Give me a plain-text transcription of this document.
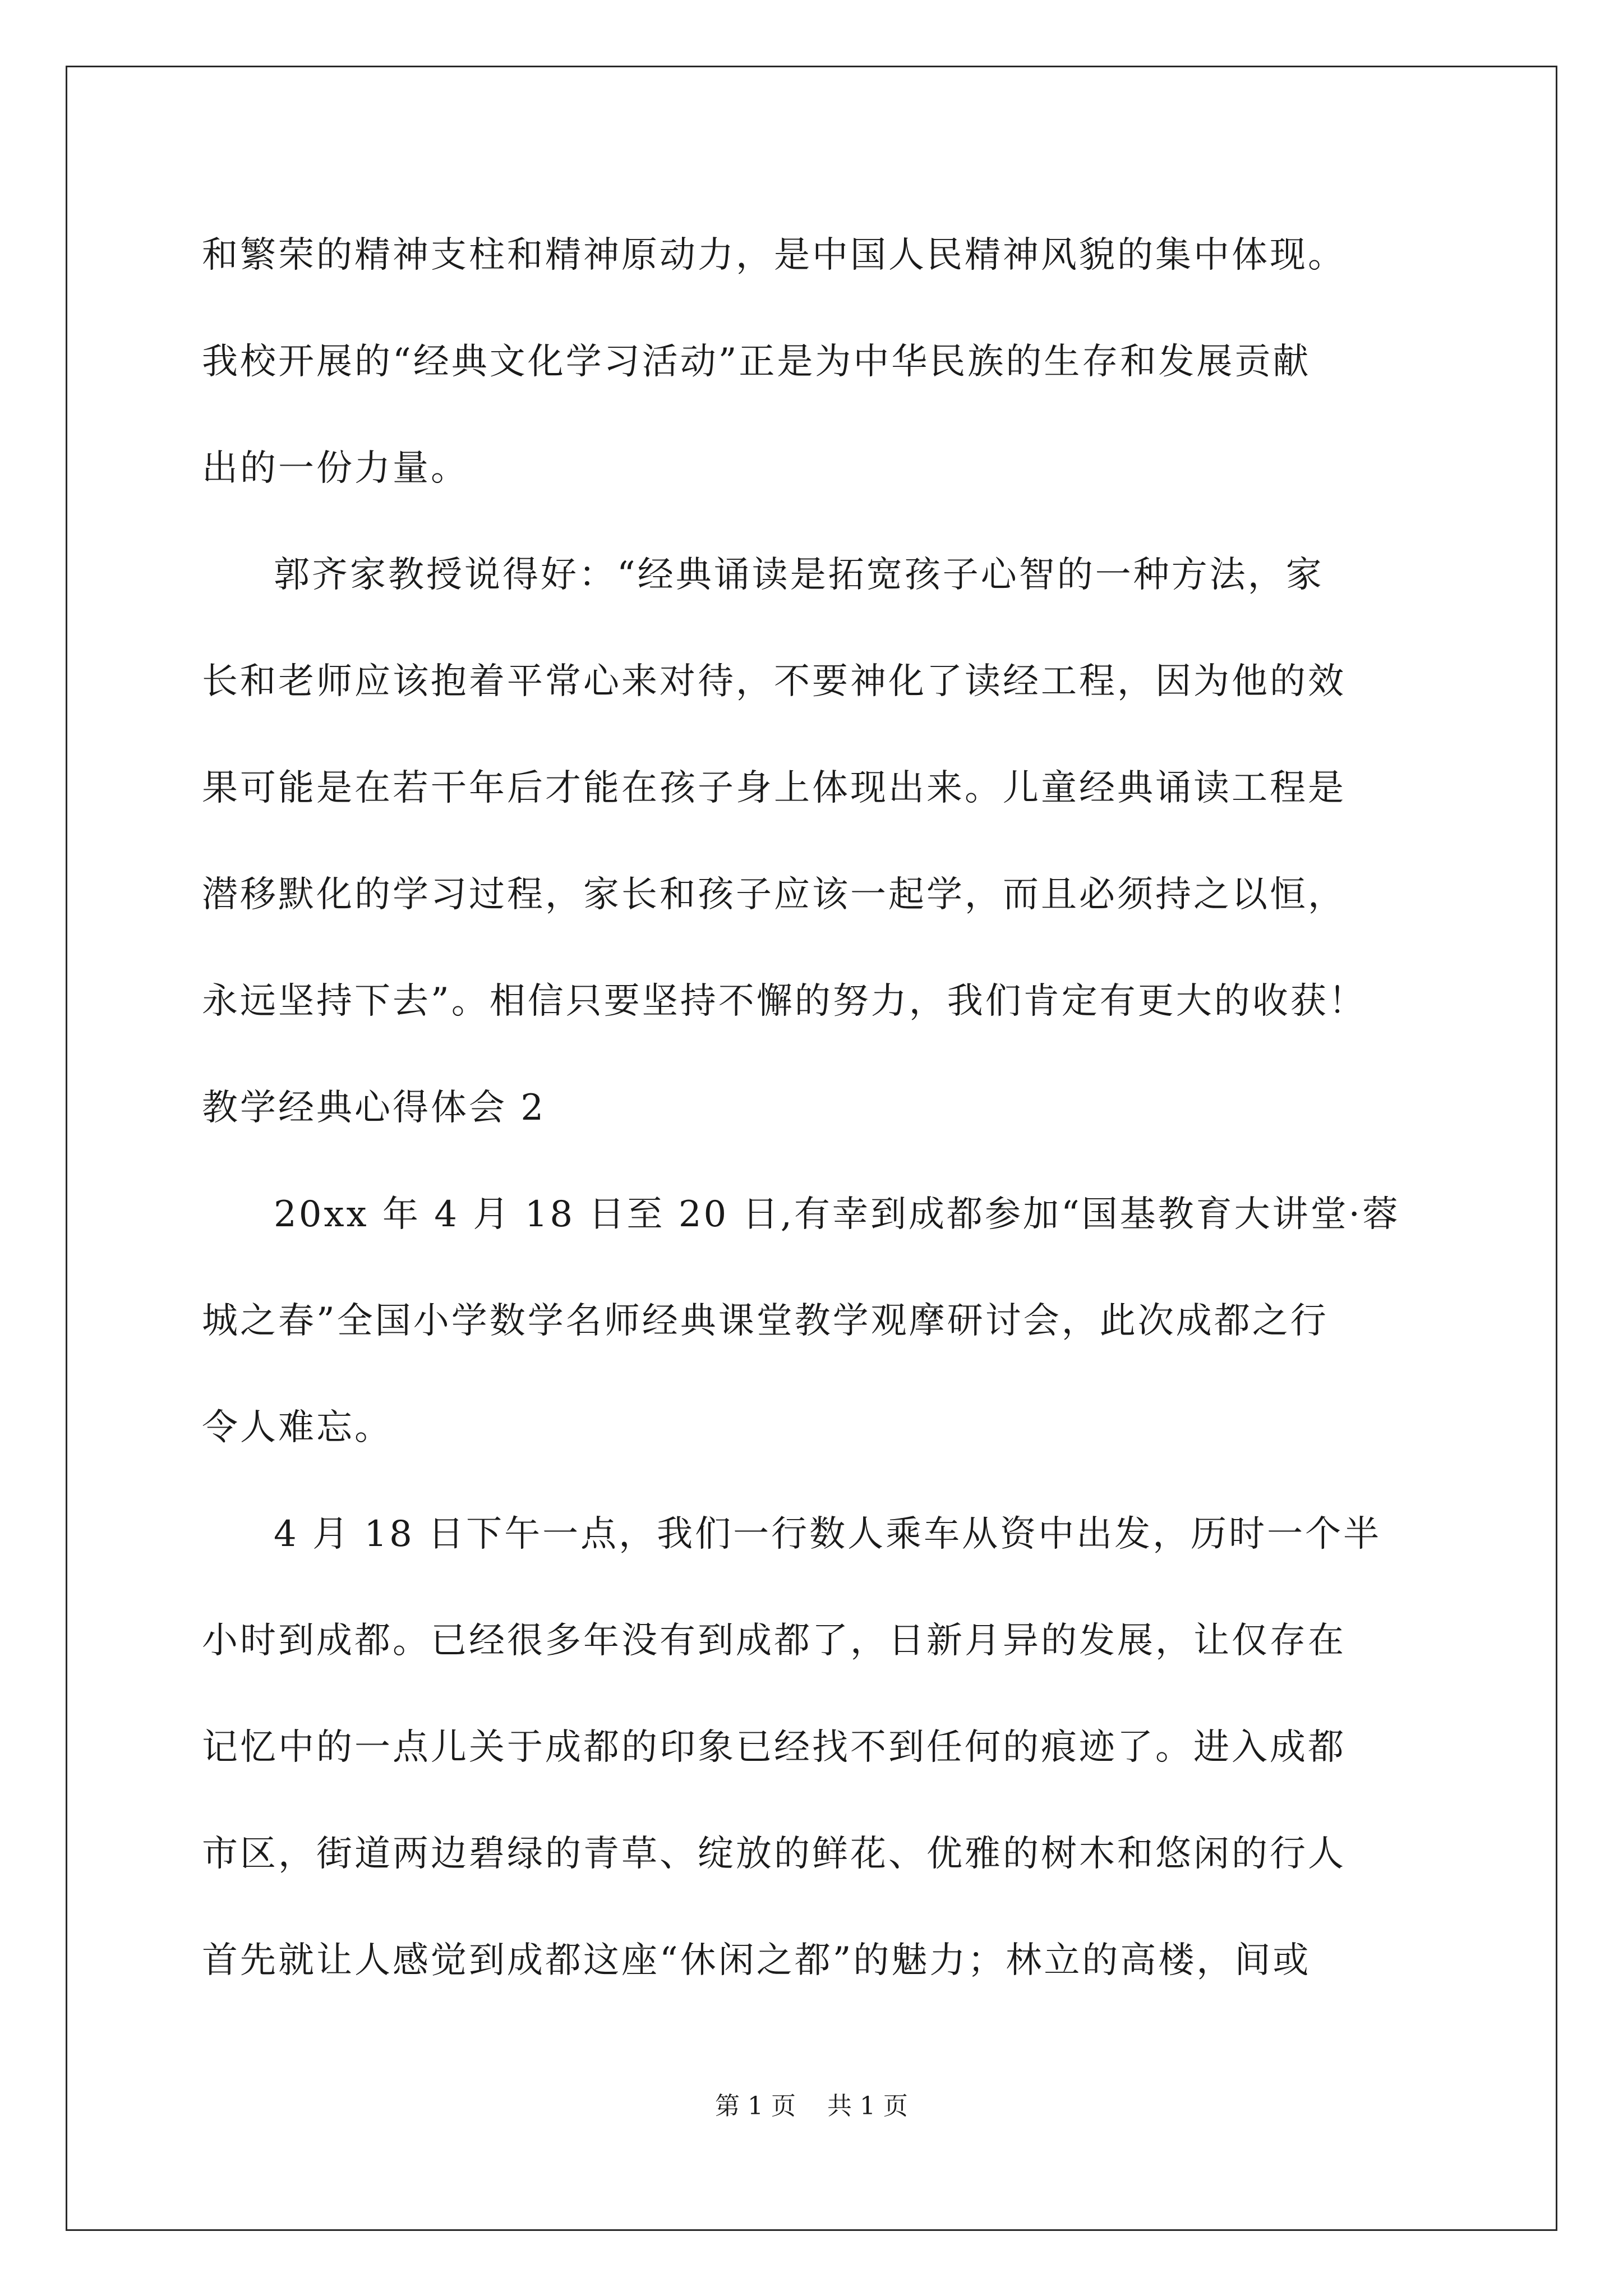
和繁荣的精神支柱和精神原动力，是中国人民精神风貌的集中体现。
我校开展的“经典文化学习活动”正是为中华民族的生存和发展贡献
出的一份力量。
郭齐家教授说得好：“经典诵读是拓宽孩子心智的一种方法，家
长和老师应该抱着平常心来对待，不要神化了读经工程，因为他的效
果可能是在若干年后才能在孩子身上体现出来。儿童经典诵读工程是
潜移默化的学习过程，家长和孩子应该一起学，而且必须持之以恒，
永远坚持下去”。相信只要坚持不懈的努力，我们肯定有更大的收获！
教学经典心得体会 2
20xx 年 4 月 18 日至 20 日,有幸到成都参加“国基教育大讲堂·蓉
城之春”全国小学数学名师经典课堂教学观摩研讨会，此次成都之行
令人难忘。
4 月 18 日下午一点，我们一行数人乘车从资中出发，历时一个半
小时到成都。已经很多年没有到成都了，日新月异的发展，让仅存在
记忆中的一点儿关于成都的印象已经找不到任何的痕迹了。进入成都
市区，街道两边碧绿的青草、绽放的鲜花、优雅的树木和悠闲的行人
首先就让人感觉到成都这座“休闲之都”的魅力；林立的高楼，间或
第 1 页    共 1 页
